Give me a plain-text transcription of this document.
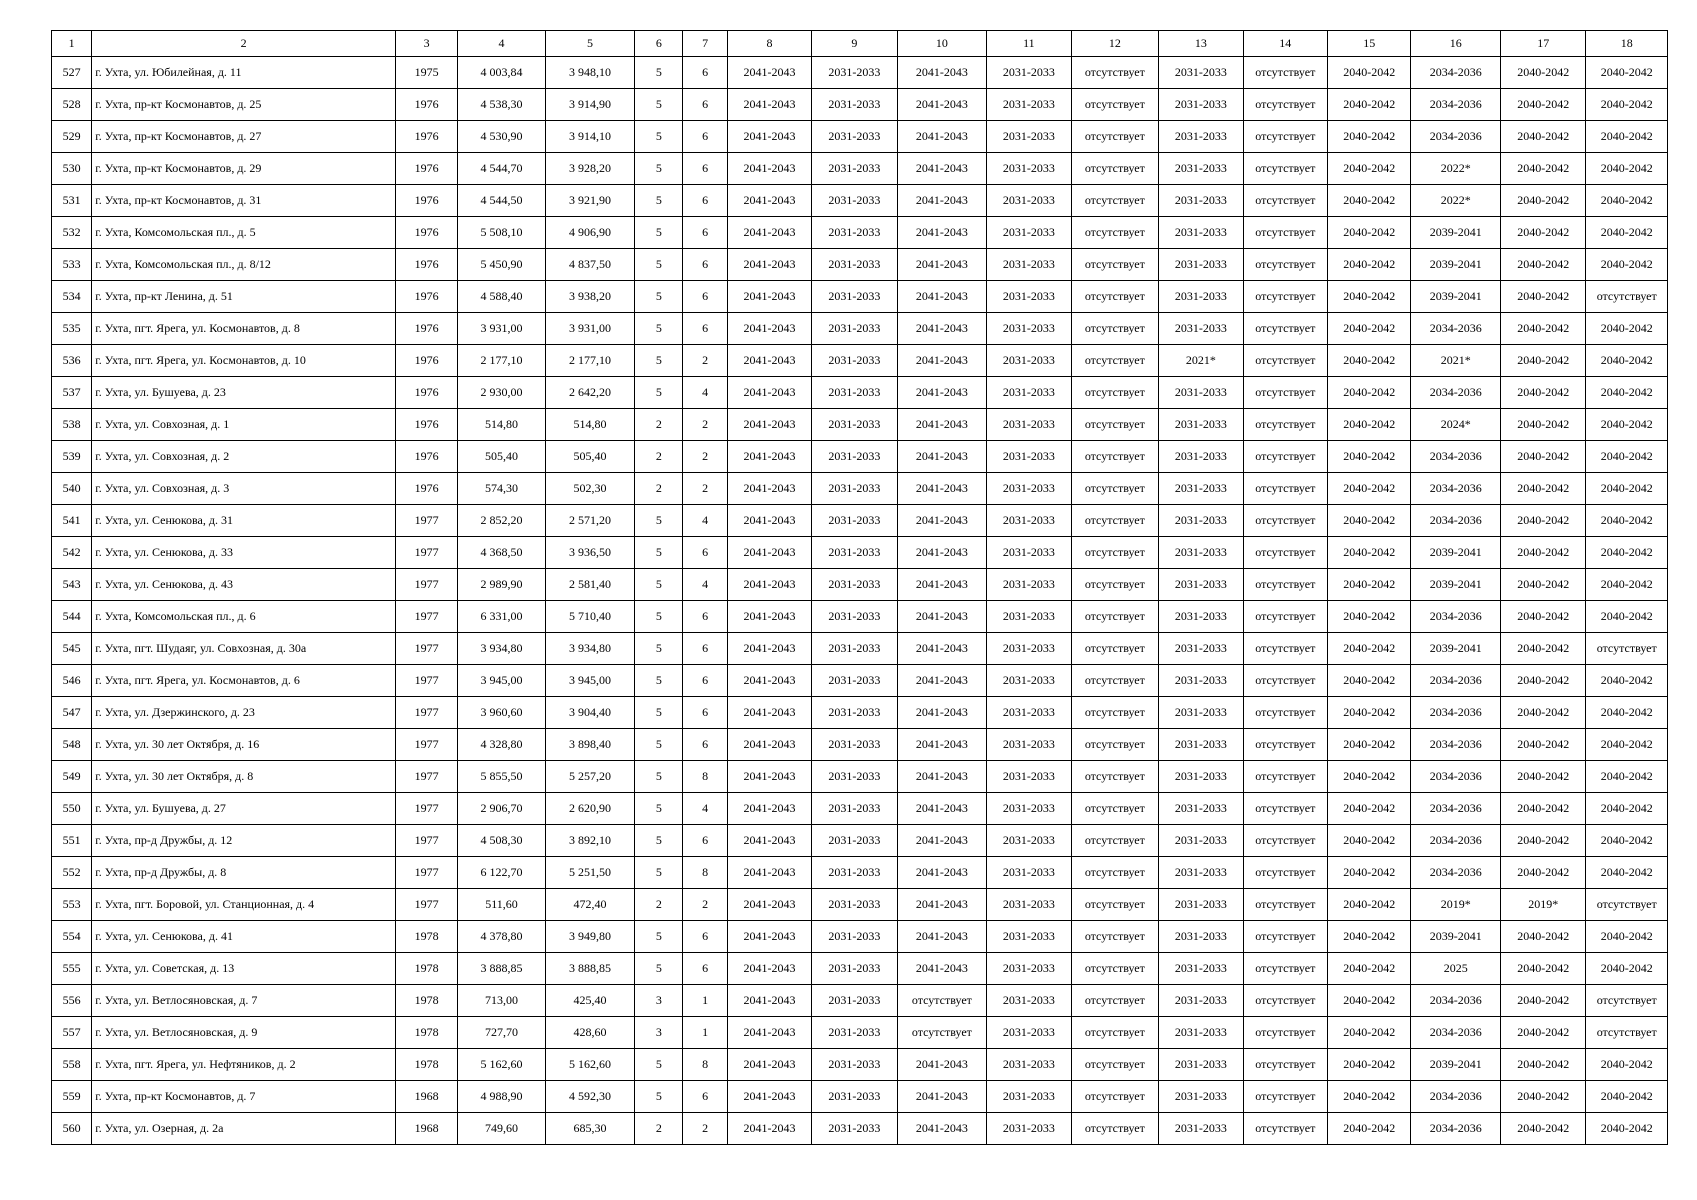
1	2	3	4	5	6	7	8	9	10	11	12	13	14	15	16	17	18
527	г. Ухта, ул. Юбилейная, д. 11	1975	4 003,84	3 948,10	5	6	2041-2043	2031-2033	2041-2043	2031-2033	отсутствует	2031-2033	отсутствует	2040-2042	2034-2036	2040-2042	2040-2042
528	г. Ухта, пр-кт Космонавтов, д. 25	1976	4 538,30	3 914,90	5	6	2041-2043	2031-2033	2041-2043	2031-2033	отсутствует	2031-2033	отсутствует	2040-2042	2034-2036	2040-2042	2040-2042
529	г. Ухта, пр-кт Космонавтов, д. 27	1976	4 530,90	3 914,10	5	6	2041-2043	2031-2033	2041-2043	2031-2033	отсутствует	2031-2033	отсутствует	2040-2042	2034-2036	2040-2042	2040-2042
530	г. Ухта, пр-кт Космонавтов, д. 29	1976	4 544,70	3 928,20	5	6	2041-2043	2031-2033	2041-2043	2031-2033	отсутствует	2031-2033	отсутствует	2040-2042	2022*	2040-2042	2040-2042
531	г. Ухта, пр-кт Космонавтов, д. 31	1976	4 544,50	3 921,90	5	6	2041-2043	2031-2033	2041-2043	2031-2033	отсутствует	2031-2033	отсутствует	2040-2042	2022*	2040-2042	2040-2042
532	г. Ухта, Комсомольская пл., д. 5	1976	5 508,10	4 906,90	5	6	2041-2043	2031-2033	2041-2043	2031-2033	отсутствует	2031-2033	отсутствует	2040-2042	2039-2041	2040-2042	2040-2042
533	г. Ухта, Комсомольская пл., д. 8/12	1976	5 450,90	4 837,50	5	6	2041-2043	2031-2033	2041-2043	2031-2033	отсутствует	2031-2033	отсутствует	2040-2042	2039-2041	2040-2042	2040-2042
534	г. Ухта, пр-кт Ленина, д. 51	1976	4 588,40	3 938,20	5	6	2041-2043	2031-2033	2041-2043	2031-2033	отсутствует	2031-2033	отсутствует	2040-2042	2039-2041	2040-2042	отсутствует
535	г. Ухта, пгт. Ярега, ул. Космонавтов, д. 8	1976	3 931,00	3 931,00	5	6	2041-2043	2031-2033	2041-2043	2031-2033	отсутствует	2031-2033	отсутствует	2040-2042	2034-2036	2040-2042	2040-2042
536	г. Ухта, пгт. Ярега, ул. Космонавтов, д. 10	1976	2 177,10	2 177,10	5	2	2041-2043	2031-2033	2041-2043	2031-2033	отсутствует	2021*	отсутствует	2040-2042	2021*	2040-2042	2040-2042
537	г. Ухта, ул. Бушуева, д. 23	1976	2 930,00	2 642,20	5	4	2041-2043	2031-2033	2041-2043	2031-2033	отсутствует	2031-2033	отсутствует	2040-2042	2034-2036	2040-2042	2040-2042
538	г. Ухта, ул. Совхозная, д. 1	1976	514,80	514,80	2	2	2041-2043	2031-2033	2041-2043	2031-2033	отсутствует	2031-2033	отсутствует	2040-2042	2024*	2040-2042	2040-2042
539	г. Ухта, ул. Совхозная, д. 2	1976	505,40	505,40	2	2	2041-2043	2031-2033	2041-2043	2031-2033	отсутствует	2031-2033	отсутствует	2040-2042	2034-2036	2040-2042	2040-2042
540	г. Ухта, ул. Совхозная, д. 3	1976	574,30	502,30	2	2	2041-2043	2031-2033	2041-2043	2031-2033	отсутствует	2031-2033	отсутствует	2040-2042	2034-2036	2040-2042	2040-2042
541	г. Ухта, ул. Сенюкова, д. 31	1977	2 852,20	2 571,20	5	4	2041-2043	2031-2033	2041-2043	2031-2033	отсутствует	2031-2033	отсутствует	2040-2042	2034-2036	2040-2042	2040-2042
542	г. Ухта, ул. Сенюкова, д. 33	1977	4 368,50	3 936,50	5	6	2041-2043	2031-2033	2041-2043	2031-2033	отсутствует	2031-2033	отсутствует	2040-2042	2039-2041	2040-2042	2040-2042
543	г. Ухта, ул. Сенюкова, д. 43	1977	2 989,90	2 581,40	5	4	2041-2043	2031-2033	2041-2043	2031-2033	отсутствует	2031-2033	отсутствует	2040-2042	2039-2041	2040-2042	2040-2042
544	г. Ухта, Комсомольская пл., д. 6	1977	6 331,00	5 710,40	5	6	2041-2043	2031-2033	2041-2043	2031-2033	отсутствует	2031-2033	отсутствует	2040-2042	2034-2036	2040-2042	2040-2042
545	г. Ухта, пгт. Шудаяг, ул. Совхозная, д. 30а	1977	3 934,80	3 934,80	5	6	2041-2043	2031-2033	2041-2043	2031-2033	отсутствует	2031-2033	отсутствует	2040-2042	2039-2041	2040-2042	отсутствует
546	г. Ухта, пгт. Ярега, ул. Космонавтов, д. 6	1977	3 945,00	3 945,00	5	6	2041-2043	2031-2033	2041-2043	2031-2033	отсутствует	2031-2033	отсутствует	2040-2042	2034-2036	2040-2042	2040-2042
547	г. Ухта, ул. Дзержинского, д. 23	1977	3 960,60	3 904,40	5	6	2041-2043	2031-2033	2041-2043	2031-2033	отсутствует	2031-2033	отсутствует	2040-2042	2034-2036	2040-2042	2040-2042
548	г. Ухта, ул. 30 лет Октября, д. 16	1977	4 328,80	3 898,40	5	6	2041-2043	2031-2033	2041-2043	2031-2033	отсутствует	2031-2033	отсутствует	2040-2042	2034-2036	2040-2042	2040-2042
549	г. Ухта, ул. 30 лет Октября, д. 8	1977	5 855,50	5 257,20	5	8	2041-2043	2031-2033	2041-2043	2031-2033	отсутствует	2031-2033	отсутствует	2040-2042	2034-2036	2040-2042	2040-2042
550	г. Ухта, ул. Бушуева, д. 27	1977	2 906,70	2 620,90	5	4	2041-2043	2031-2033	2041-2043	2031-2033	отсутствует	2031-2033	отсутствует	2040-2042	2034-2036	2040-2042	2040-2042
551	г. Ухта, пр-д Дружбы, д. 12	1977	4 508,30	3 892,10	5	6	2041-2043	2031-2033	2041-2043	2031-2033	отсутствует	2031-2033	отсутствует	2040-2042	2034-2036	2040-2042	2040-2042
552	г. Ухта, пр-д Дружбы, д. 8	1977	6 122,70	5 251,50	5	8	2041-2043	2031-2033	2041-2043	2031-2033	отсутствует	2031-2033	отсутствует	2040-2042	2034-2036	2040-2042	2040-2042
553	г. Ухта, пгт. Боровой, ул. Станционная, д. 4	1977	511,60	472,40	2	2	2041-2043	2031-2033	2041-2043	2031-2033	отсутствует	2031-2033	отсутствует	2040-2042	2019*	2019*	отсутствует
554	г. Ухта, ул. Сенюкова, д. 41	1978	4 378,80	3 949,80	5	6	2041-2043	2031-2033	2041-2043	2031-2033	отсутствует	2031-2033	отсутствует	2040-2042	2039-2041	2040-2042	2040-2042
555	г. Ухта, ул. Советская, д. 13	1978	3 888,85	3 888,85	5	6	2041-2043	2031-2033	2041-2043	2031-2033	отсутствует	2031-2033	отсутствует	2040-2042	2025	2040-2042	2040-2042
556	г. Ухта, ул. Ветлосяновская, д. 7	1978	713,00	425,40	3	1	2041-2043	2031-2033	отсутствует	2031-2033	отсутствует	2031-2033	отсутствует	2040-2042	2034-2036	2040-2042	отсутствует
557	г. Ухта, ул. Ветлосяновская, д. 9	1978	727,70	428,60	3	1	2041-2043	2031-2033	отсутствует	2031-2033	отсутствует	2031-2033	отсутствует	2040-2042	2034-2036	2040-2042	отсутствует
558	г. Ухта, пгт. Ярега, ул. Нефтяников, д. 2	1978	5 162,60	5 162,60	5	8	2041-2043	2031-2033	2041-2043	2031-2033	отсутствует	2031-2033	отсутствует	2040-2042	2039-2041	2040-2042	2040-2042
559	г. Ухта, пр-кт Космонавтов, д. 7	1968	4 988,90	4 592,30	5	6	2041-2043	2031-2033	2041-2043	2031-2033	отсутствует	2031-2033	отсутствует	2040-2042	2034-2036	2040-2042	2040-2042
560	г. Ухта, ул. Озерная, д. 2а	1968	749,60	685,30	2	2	2041-2043	2031-2033	2041-2043	2031-2033	отсутствует	2031-2033	отсутствует	2040-2042	2034-2036	2040-2042	2040-2042
